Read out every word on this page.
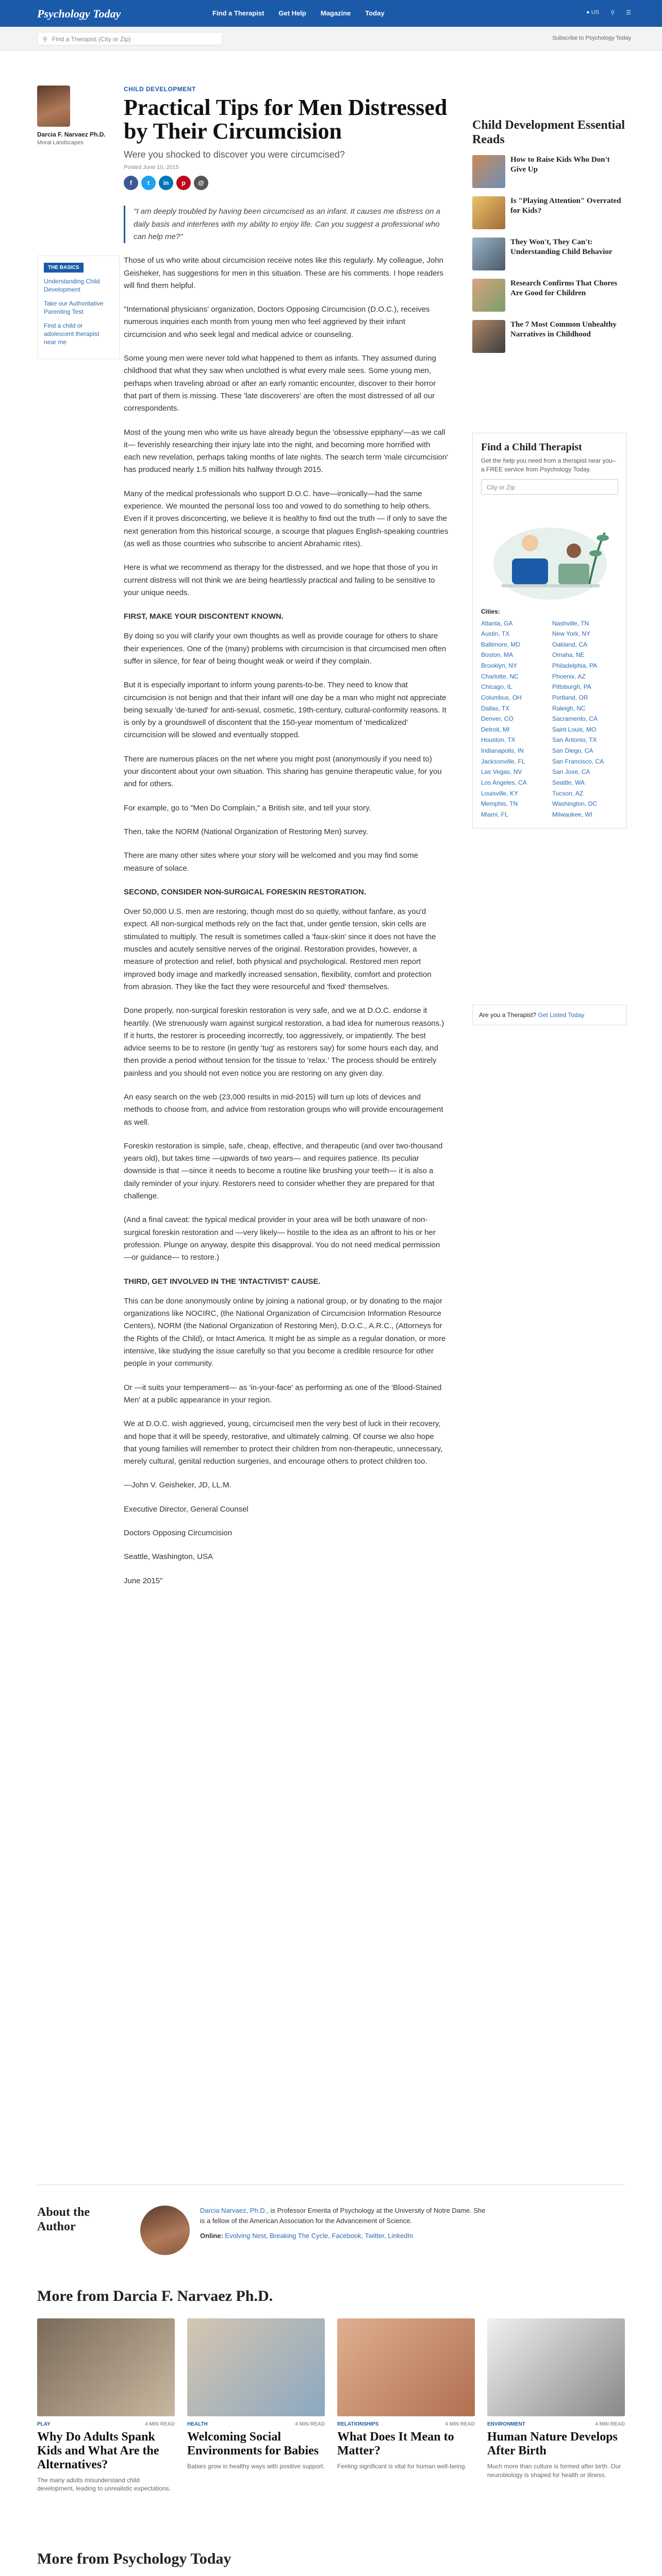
Psychology Today	Find a Therapist Get Help Magazine Today	● US ⚲ ☰
⚲ Find a Therapist (City or Zip)	Subscribe to Psychology Today
Darcia F. Narvaez Ph.D.
Moral Landscapes
THE BASICS
Understanding Child Development
Take our Authoritative Parenting Test
Find a child or adolescent therapist near me
CHILD DEVELOPMENT
Practical Tips for Men Distressed by Their Circumcision
Were you shocked to discover you were circumcised?
Posted June 10, 2015
f	t	in	p	@

"I am deeply troubled by having been circumcised as an infant. It causes me distress on a daily basis and interferes with my ability to enjoy life. Can you suggest a professional who can help me?"

Those of us who write about circumcision receive notes like this regularly. My colleague, John Geisheker, has suggestions for men in this situation. These are his comments. I hope readers will find them helpful.

"International physicians' organization, Doctors Opposing Circumcision (D.O.C.), receives numerous inquiries each month from young men who feel aggrieved by their infant circumcision and who seek legal and medical advice or counseling.

Some young men were never told what happened to them as infants. They assumed during childhood that what they saw when unclothed is what every male sees. Some young men, perhaps when traveling abroad or after an early romantic encounter, discover to their horror that part of them is missing. These 'late discoverers' are often the most distressed of all our correspondents.

Most of the young men who write us have already begun the 'obsessive epiphany'—as we call it— feverishly researching their injury late into the night, and becoming more horrified with each new revelation, perhaps taking months of late nights. The search term 'male circumcision' has produced nearly 1.5 million hits halfway through 2015.

Many of the medical professionals who support D.O.C. have—ironically—had the same experience. We mounted the personal loss too and vowed to do something to help others. Even if it proves disconcerting, we believe it is healthy to find out the truth — if only to save the next generation from this historical scourge, a scourge that plagues English-speaking countries (as well as those countries who subscribe to ancient Abrahamic rites).

Here is what we recommend as therapy for the distressed, and we hope that those of you in current distress will not think we are being heartlessly practical and failing to be sensitive to your unique needs.

FIRST, MAKE YOUR DISCONTENT KNOWN.

By doing so you will clarify your own thoughts as well as provide courage for others to share their experiences. One of the (many) problems with circumcision is that circumcised men often suffer in silence, for fear of being thought weak or weird if they complain.

But it is especially important to inform young parents-to-be. They need to know that circumcision is not benign and that their infant will one day be a man who might not appreciate being sexually 'de-tuned' for anti-sexual, cosmetic, 19th-century, cultural-conformity reasons. It is only by a groundswell of discontent that the 150-year momentum of 'medicalized' circumcision will be slowed and eventually stopped.

There are numerous places on the net where you might post (anonymously if you need to) your discontent about your own situation. This sharing has genuine therapeutic value, for you and for others.

For example, go to "Men Do Complain," a British site, and tell your story.

Then, take the NORM (National Organization of Restoring Men) survey.

There are many other sites where your story will be welcomed and you may find some measure of solace.

SECOND, CONSIDER NON-SURGICAL FORESKIN RESTORATION.

Over 50,000 U.S. men are restoring, though most do so quietly, without fanfare, as you'd expect. All non-surgical methods rely on the fact that, under gentle tension, skin cells are stimulated to multiply. The result is sometimes called a 'faux-skin' since it does not have the muscles and acutely sensitive nerves of the original. Restoration provides, however, a measure of protection and relief, both physical and psychological. Restored men report improved body image and markedly increased sensation, flexibility, comfort and protection from abrasion. They like the fact they were resourceful and 'fixed' themselves.

Done properly, non-surgical foreskin restoration is very safe, and we at D.O.C. endorse it heartily. (We strenuously warn against surgical restoration, a bad idea for numerous reasons.) If it hurts, the restorer is proceeding incorrectly, too aggressively, or impatiently. The best advice seems to be to restore (in gently 'tug' as restorers say) for some hours each day, and then provide a period without tension for the tissue to 'relax.' The process should be entirely painless and you should not even notice you are restoring on any given day.

An easy search on the web (23,000 results in mid-2015) will turn up lots of devices and methods to choose from, and advice from restoration groups who will provide encouragement as well.

Foreskin restoration is simple, safe, cheap, effective, and therapeutic (and over two-thousand years old), but takes time —upwards of two years— and requires patience. Its peculiar downside is that —since it needs to become a routine like brushing your teeth— it is also a daily reminder of your injury. Restorers need to consider whether they are prepared for that challenge.

(And a final caveat: the typical medical provider in your area will be both unaware of non-surgical foreskin restoration and —very likely— hostile to the idea as an affront to his or her profession. Plunge on anyway, despite this disapproval. You do not need medical permission —or guidance— to restore.)

THIRD, GET INVOLVED IN THE 'INTACTIVIST' CAUSE.

This can be done anonymously online by joining a national group, or by donating to the major organizations like NOCIRC, (the National Organization of Circumcision Information Resource Centers), NORM (the National Organization of Restoring Men), D.O.C., A.R.C., (Attorneys for the Rights of the Child), or Intact America. It might be as simple as a regular donation, or more intensive, like studying the issue carefully so that you become a credible resource for other people in your community.

Or —it suits your temperament— as 'in-your-face' as performing as one of the 'Blood-Stained Men' at a public appearance in your region.

We at D.O.C. wish aggrieved, young, circumcised men the very best of luck in their recovery, and hope that it will be speedy, restorative, and ultimately calming. Of course we also hope that young families will remember to protect their children from non-therapeutic, unnecessary, merely cultural, genital reduction surgeries, and encourage others to protect children too.

—John V. Geisheker, JD, LL.M.

Executive Director, General Counsel

Doctors Opposing Circumcision

Seattle, Washington, USA

June 2015"

Child Development Essential Reads
How to Raise Kids Who Don't Give Up
Is "Playing Attention" Overrated for Kids?
They Won't, They Can't: Understanding Child Behavior
Research Confirms That Chores Are Good for Children
The 7 Most Common Unhealthy Narratives in Childhood
Find a Child Therapist
Get the help you need from a therapist near you–a FREE service from Psychology Today.
City or Zip
Cities:
Atlanta, GA	Nashville, TN
Austin, TX	New York, NY
Baltimore, MD	Oakland, CA
Boston, MA	Omaha, NE
Brooklyn, NY	Philadelphia, PA
Charlotte, NC	Phoenix, AZ
Chicago, IL	Pittsburgh, PA
Columbus, OH	Portland, OR
Dallas, TX	Raleigh, NC
Denver, CO	Sacramento, CA
Detroit, MI	Saint Louis, MO
Houston, TX	San Antonio, TX
Indianapolis, IN	San Diego, CA
Jacksonville, FL	San Francisco, CA
Las Vegas, NV	San Jose, CA
Los Angeles, CA	Seattle, WA
Louisville, KY	Tucson, AZ
Memphis, TN	Washington, DC
Miami, FL	Milwaukee, WI
Are you a Therapist? Get Listed Today
About the Author
Darcia Narvaez, Ph.D., is Professor Emerita of Psychology at the University of Notre Dame. She is a fellow of the American Association for the Advancement of Science.
Online: Evolving Nest, Breaking The Cycle, Facebook, Twitter, LinkedIn
More from Darcia F. Narvaez Ph.D.
PLAY	4 MIN READ
Why Do Adults Spank Kids and What Are the Alternatives?
The many adults misunderstand child development, leading to unrealistic expectations.
HEALTH	4 MIN READ
Welcoming Social Environments for Babies
Babies grow in healthy ways with positive support.
RELATIONSHIPS	4 MIN READ
What Does It Mean to Matter?
Feeling significant is vital for human well-being.
ENVIRONMENT	4 MIN READ
Human Nature Develops After Birth
Much more than culture is formed after birth. Our neurobiology is shaped for health or illness.
More from Psychology Today
